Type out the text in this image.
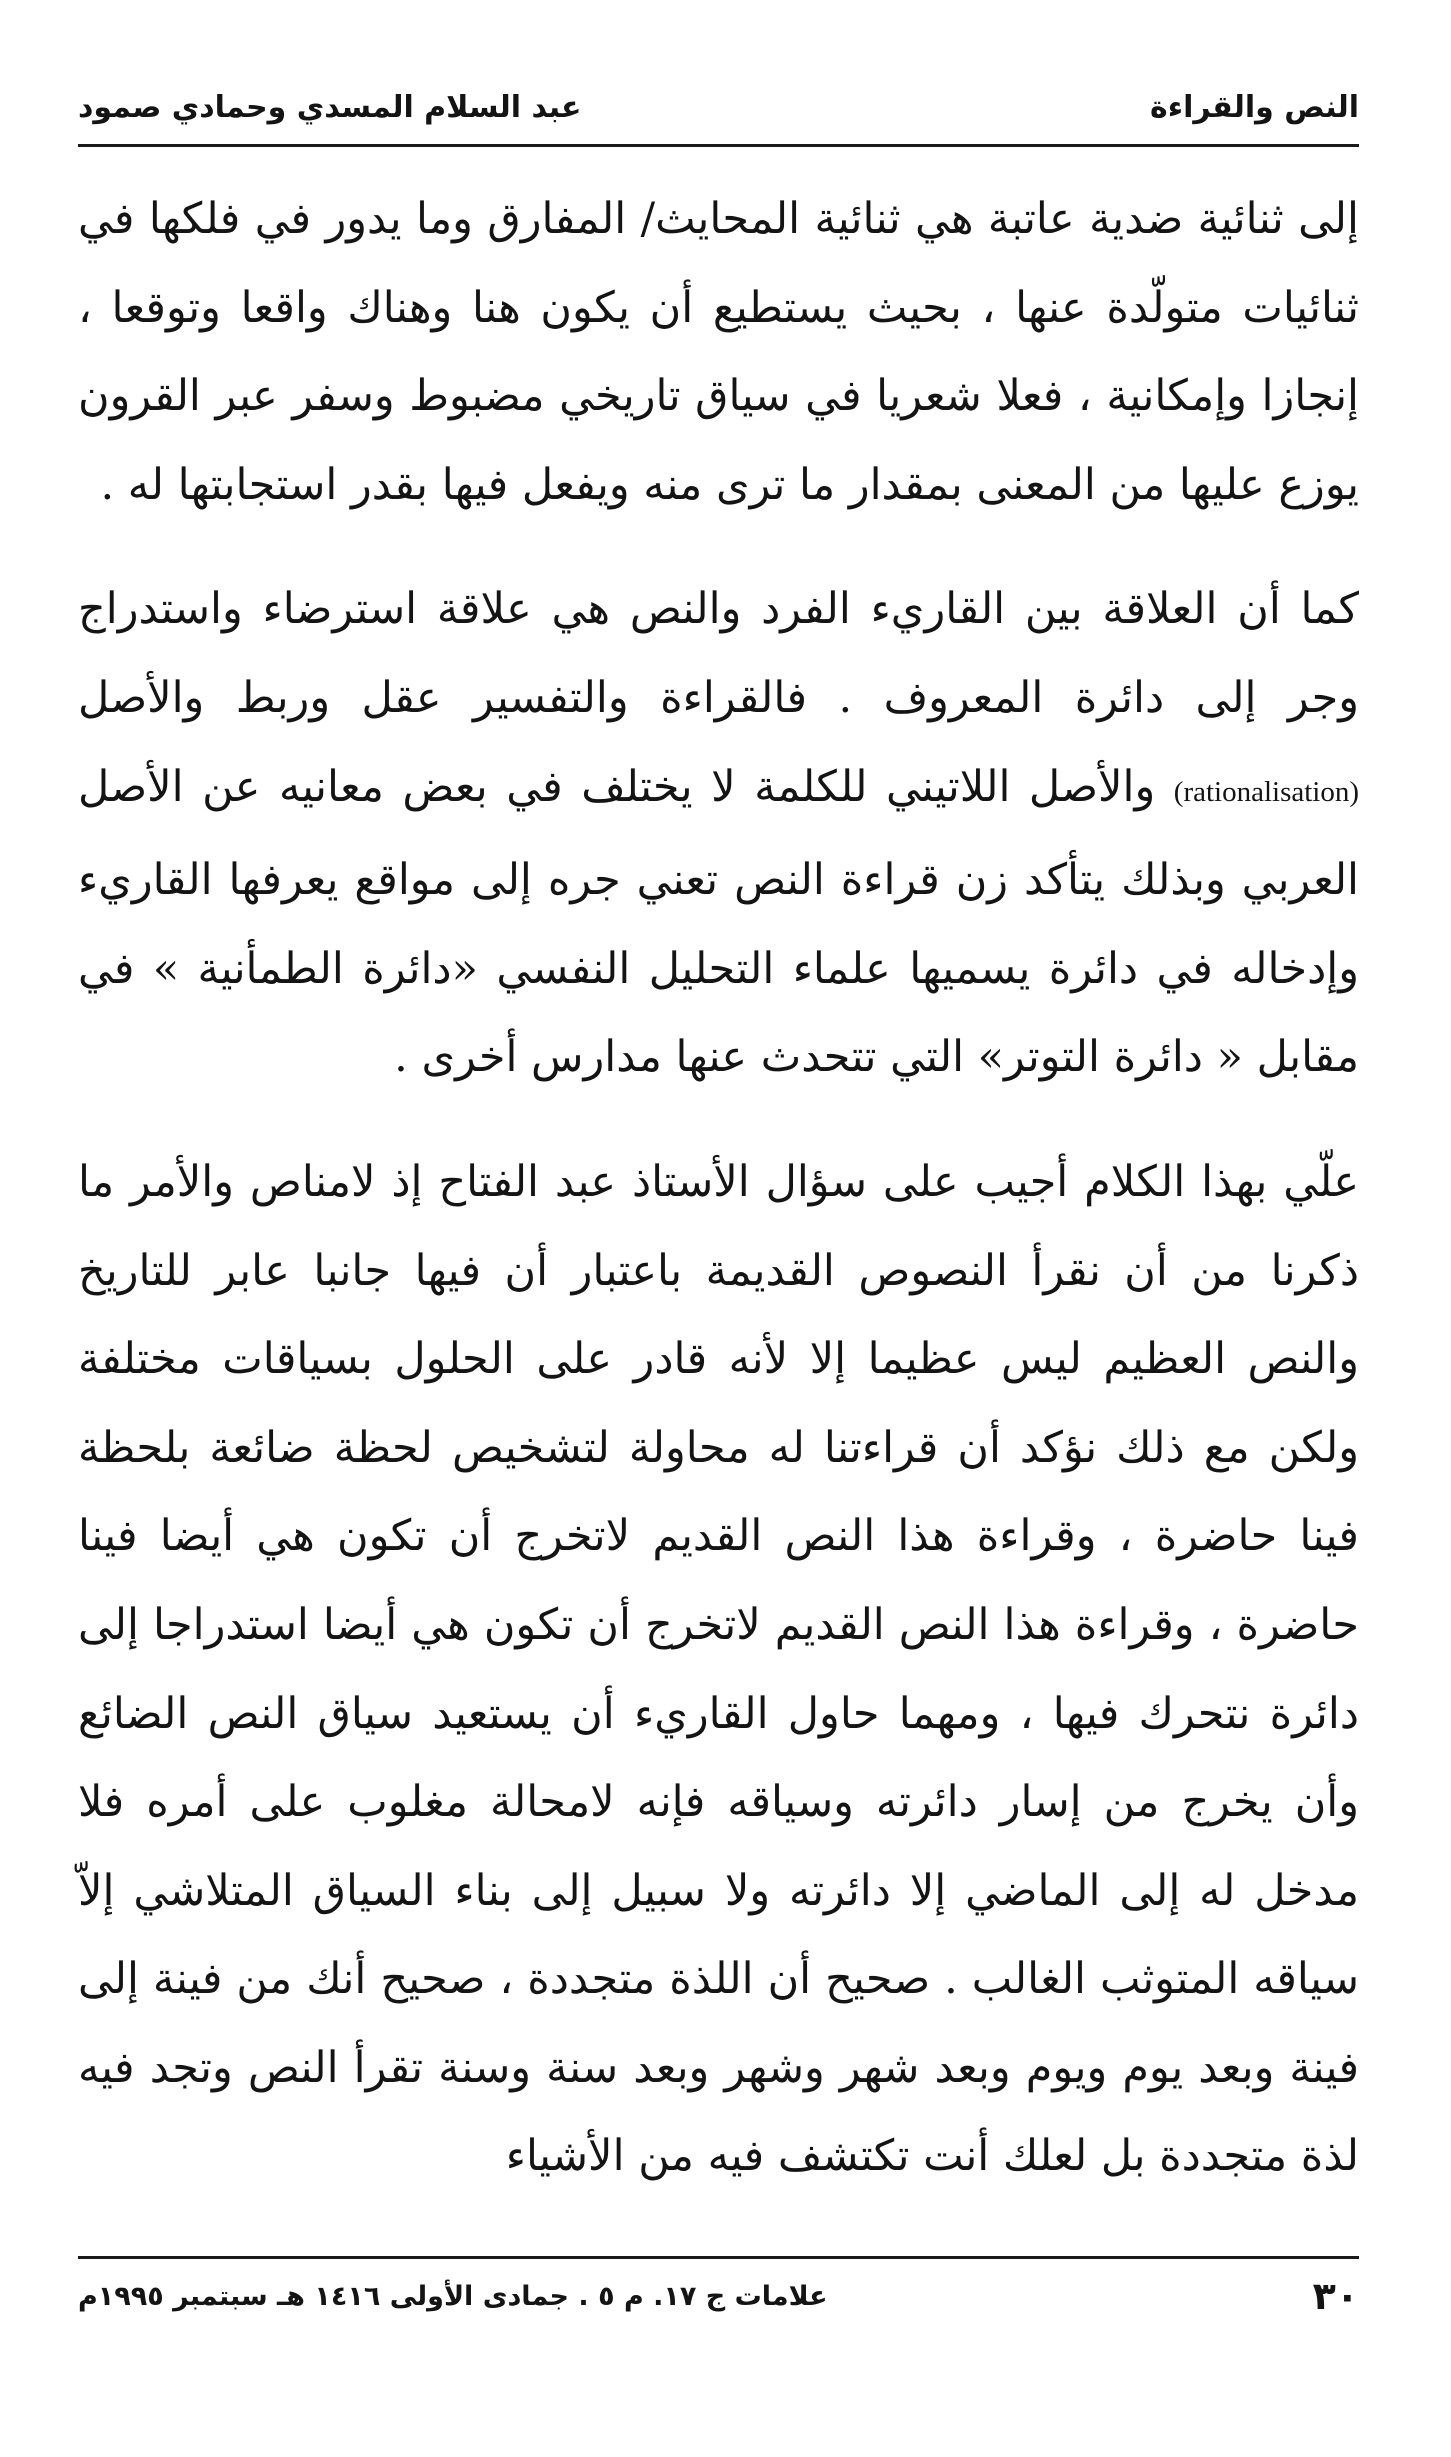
النص والقراءة
عبد السلام المسدي وحمادي صمود

إلى ثنائية ضدية عاتبة هي ثنائية المحايث/ المفارق وما يدور في فلكها في ثنائيات متولّدة عنها ، بحيث يستطيع أن يكون هنا وهناك واقعا وتوقعا ، إنجازا وإمكانية ، فعلا شعريا في سياق تاريخي مضبوط وسفر عبر القرون يوزع عليها من المعنى بمقدار ما ترى منه ويفعل فيها بقدر استجابتها له .

كما أن العلاقة بين القاريء الفرد والنص هي علاقة استرضاء واستدراج وجر إلى دائرة المعروف . فالقراءة والتفسير عقل وربط والأصل (rationalisation) والأصل اللاتيني للكلمة لا يختلف في بعض معانيه عن الأصل العربي وبذلك يتأكد زن قراءة النص تعني جره إلى مواقع يعرفها القاريء وإدخاله في دائرة يسميها علماء التحليل النفسي «دائرة الطمأنية » في مقابل « دائرة التوتر» التي تتحدث عنها مدارس أخرى .

علّي بهذا الكلام أجيب على سؤال الأستاذ عبد الفتاح إذ لامناص والأمر ما ذكرنا من أن نقرأ النصوص القديمة باعتبار أن فيها جانبا عابر للتاريخ والنص العظيم ليس عظيما إلا لأنه قادر على الحلول بسياقات مختلفة ولكن مع ذلك نؤكد أن قراءتنا له محاولة لتشخيص لحظة ضائعة بلحظة فينا حاضرة ، وقراءة هذا النص القديم لاتخرج أن تكون هي أيضا فينا حاضرة ، وقراءة هذا النص القديم لاتخرج أن تكون هي أيضا استدراجا إلى دائرة نتحرك فيها ، ومهما حاول القاريء أن يستعيد سياق النص الضائع وأن يخرج من إسار دائرته وسياقه فإنه لامحالة مغلوب على أمره فلا مدخل له إلى الماضي إلا دائرته ولا سبيل إلى بناء السياق المتلاشي إلاّ سياقه المتوثب الغالب . صحيح أن اللذة متجددة ، صحيح أنك من فينة إلى فينة وبعد يوم ويوم وبعد شهر وشهر وبعد سنة وسنة تقرأ النص وتجد فيه لذة متجددة بل لعلك أنت تكتشف فيه من الأشياء

٣٠
علامات ج ١٧. م ٥ . جمادى الأولى ١٤١٦ هـ سبتمبر ١٩٩٥م
